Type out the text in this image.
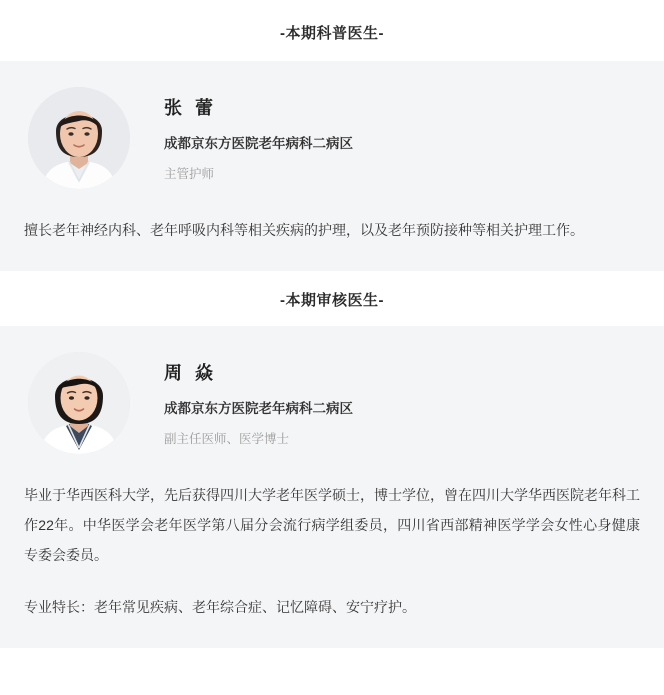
-本期科普医生-
张 蕾
成都京东方医院老年病科二病区
主管护师

擅长老年神经内科、老年呼吸内科等相关疾病的护理，以及老年预防接种等相关护理工作。

-本期审核医生-
周 焱
成都京东方医院老年病科二病区
副主任医师、医学博士

毕业于华西医科大学，先后获得四川大学老年医学硕士，博士学位，曾在四川大学华西医院老年科工作22年。中华医学会老年医学第八届分会流行病学组委员，四川省西部精神医学学会女性心身健康专委会委员。

专业特长：老年常见疾病、老年综合症、记忆障碍、安宁疗护。
